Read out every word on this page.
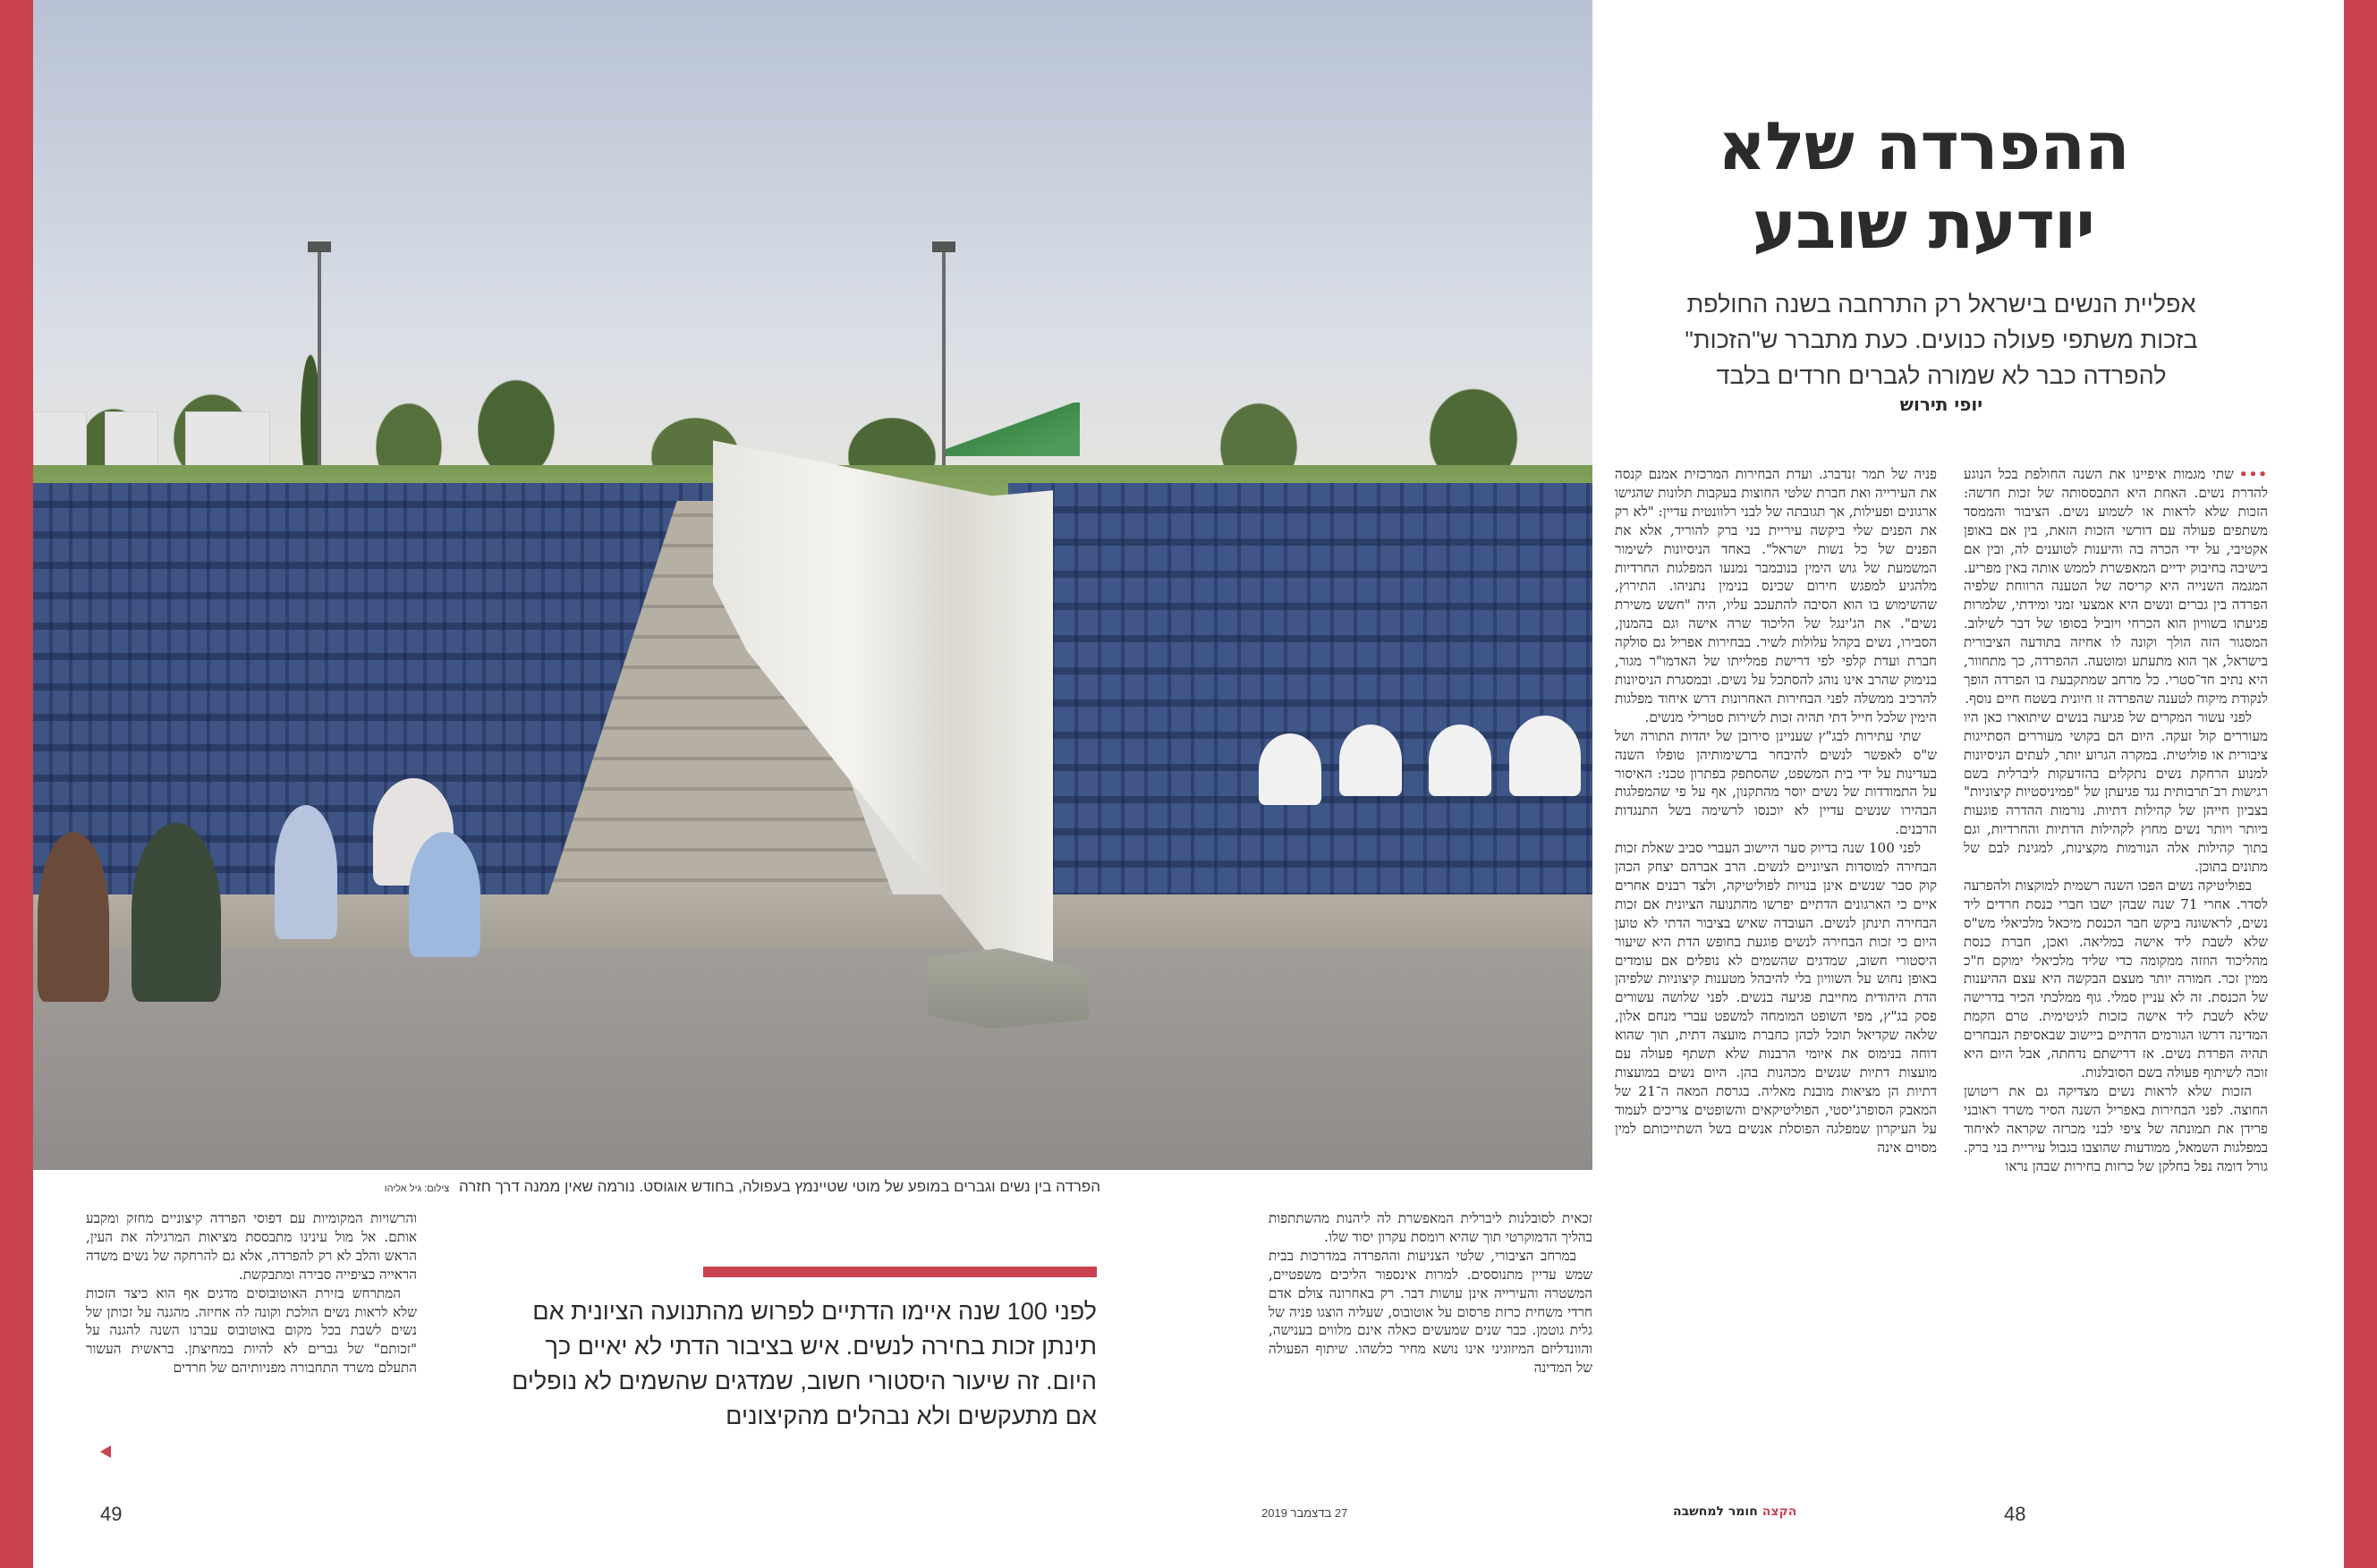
הפרדה בין נשים וגברים במופע של מוטי שטיינמץ בעפולה, בחודש אוגוסט. נורמה שאין ממנה דרך חזרה צילום: גיל אליהו
ההפרדה שלא
יודעת שובע
אפליית הנשים בישראל רק התרחבה בשנה החולפת בזכות משתפי פעולה כנועים. כעת מתברר ש"הזכות" להפרדה כבר לא שמורה לגברים חרדים בלבד
יופי תירוש

•••שתי מגמות איפיינו את השנה החולפת בכל הנוגע להדרת נשים. האחת היא התבססותה של זכות חדשה: הזכות שלא לראות או לשמוע נשים. הציבור והממסד משתפים פעולה עם דורשי הזכות הזאת, בין אם באופן אקטיבי, על ידי הכרה בה והיענות לטוענים לה, ובין אם בישיבה בחיבוק ידיים המאפשרת לממש אותה באין מפריע. המגמה השנייה היא קריסה של הטענה הרווחת שלפיה הפרדה בין גברים ונשים היא אמצעי זמני ומידתי, שלמרות פגיעתו בשוויון הוא הכרחי ויוביל בסופו של דבר לשילוב. המסגור הזה הולך וקונה לו אחיזה בתודעה הציבורית בישראל, אך הוא מתעתע ומוטעה. ההפרדה, כך מתחוור, היא נתיב חד־סטרי. כל מרחב שמתקבעת בו הפרדה הופך לנקודת מיקוח לטענה שהפרדה זו חיונית בשטח חיים נוסף.

לפני עשור המקרים של פגיעה בנשים שיתוארו כאן היו מעוררים קול זעקה. היום הם בקושי מעוררים הסתייגות ציבורית או פוליטית. במקרה הגרוע יותר, לעתים הניסיונות למנוע הרחקת נשים נתקלים בהזדעקות ליברלית בשם רגישות רב־תרבותית נגד פגיעתן של "פמיניסטיות קיצוניות" בצביון חייהן של קהילות דתיות. נורמות ההדרה פוגעות ביותר ויותר נשים מחוץ לקהילות הדתיות והחרדיות, וגם בתוך קהילות אלה הנורמות מקצינות, למגינת לבם של מתונים בתוכן.

בפוליטיקה נשים הפכו השנה רשמית למוקצות ולהפרעה לסדר. אחרי 71 שנה שבהן ישבו חברי כנסת חרדים ליד נשים, לראשונה ביקש חבר הכנסת מיכאל מלכיאלי מש"ס שלא לשבת ליד אישה במליאה. ואכן, חברת כנסת מהליכוד הוזזה ממקומה כדי שליד מלכיאלי ימוקם ח"כ ממין זכר. חמורה יותר מעצם הבקשה היא עצם ההיענות של הכנסת. זה לא עניין סמלי. גוף ממלכתי הכיר בדרישה שלא לשבת ליד אישה כזכות לגיטימית. טרם הקמת המדינה דרשו הגורמים הדתיים ביישוב שבאסיפת הנבחרים תהיה הפרדת נשים. אז דרישתם נדחתה, אבל היום היא זוכה לשיתוף פעולה בשם הסובלנות.

הזכות שלא לראות נשים מצדיקה גם את ריטושן החוצה. לפני הבחירות באפריל השנה הסיר משרד ראובני פרידן את תמונתה של ציפי לבני מכרזה שקראה לאיחוד במפלגות השמאל, ממודעות שהוצבו בגבול עיריית בני ברק. גורל דומה נפל בחלקן של כרזות בחירות שבהן נראו

פניה של תמר זנדברג. ועדת הבחירות המרכזית אמנם קנסה את העירייה ואת חברת שלטי החוצות בעקבות תלונות שהגישו ארגונים ופעילות, אך תגובתה של לבני רלוונטית עדיין: "לא רק את הפנים שלי ביקשה עיריית בני ברק להוריד, אלא את הפנים של כל נשות ישראל". באחד הניסיונות לשימור המשמעת של גוש הימין בנובמבר נמנעו המפלגות החרדיות מלהגיע למפגש חירום שכינס בנימין נתניהו. התירוץ, שהשימוש בו הוא הסיבה להתעכב עליו, היה "חשש משירת נשים". את הג'ינגל של הליכוד שרה אישה וגם בהמנון, הסבירו, נשים בקהל עלולות לשיר. בבחירות אפריל גם סולקה חברת ועדת קלפי לפי דרישת פמלייתו של האדמו"ר מגור, בנימוק שהרב אינו נוהג להסתכל על נשים. ובמסגרת הניסיונות להרכיב ממשלה לפני הבחירות האחרונות דרש איחוד מפלגות הימין שלכל חייל דתי תהיה זכות לשירות סטרילי מנשים.

שתי עתירות לבג"ץ שעניינן סירובן של יהדות התורה ושל ש"ס לאפשר לנשים להיבחר ברשימותיהן טופלו השנה בעדינות על ידי בית המשפט, שהסתפק בפתרון טכני: האיסור על התמודדות של נשים יוסר מהתקנון, אף על פי שהמפלגות הבהירו שנשים עדיין לא יוכנסו לרשימה בשל התנגדות הרבנים.

לפני 100 שנה בדיוק סער היישוב העברי סביב שאלת זכות הבחירה למוסדות הציוניים לנשים. הרב אברהם יצחק הכהן קוק סבר שנשים אינן בנויות לפוליטיקה, ולצד רבנים אחרים איים כי הארגונים הדתיים יפרשו מהתנועה הציונית אם זכות הבחירה תינתן לנשים. העובדה שאיש בציבור הדתי לא טוען היום כי זכות הבחירה לנשים פוגעת בחופש הדת היא שיעור היסטורי חשוב, שמדגים שהשמים לא נופלים אם עומדים באופן נחוש על השוויון בלי להיבהל מטענות קיצוניות שלפיהן הדת היהודית מחייבת פגיעה בנשים. לפני שלושה עשורים פסק בג"ץ, מפי השופט המומחה למשפט עברי מנחם אלון, שלאה שקדיאל תוכל לכהן כחברת מועצה דתית, תוך שהוא דוחה בנימוס את איומי הרבנות שלא תשתף פעולה עם מועצות דתיות שנשים מכהנות בהן. היום נשים במועצות דתיות הן מציאות מובנת מאליה. בגרסת המאה ה־21 של המאבק הסופרג'יסטי, הפוליטיקאים והשופטים צריכים לעמוד על העיקרון שמפלגה הפוסלת אנשים בשל השתייכותם למין מסוים אינה

זכאית לסובלנות ליברלית המאפשרת לה ליהנות מהשתתפות בהליך הדמוקרטי תוך שהיא רומסת עקרון יסוד שלו.

במרחב הציבורי, שלטי הצניעות וההפרדה במדרכות בבית שמש עדיין מתנוססים. למרות אינספור הליכים משפטיים, המשטרה והעירייה אינן עושות דבר. רק באחרונה צולם אדם חרדי משחית כרזת פרסום על אוטובוס, שעליה הוצגו פניה של גלית גוטמן. כבר שנים שמעשים כאלה אינם מלווים בענישה, והוונדליזם המיזוגיני אינו נושא מחיר כלשהו. שיתוף הפעולה של המדינה

והרשויות המקומיות עם דפוסי הפרדה קיצוניים מחזק ומקבע אותם. אל מול עינינו מתבססת מציאות המרגילה את העין, הראש והלב לא רק להפרדה, אלא גם להרחקה של נשים משדה הראייה כציפייה סבירה ומתבקשת.

המתרחש בזירת האוטובוסים מדגים אף הוא כיצד הזכות שלא לראות נשים הולכת וקונה לה אחיזה. מהגנה על זכותן של נשים לשבת בכל מקום באוטובוס עברנו השנה להגנה על "זכותם" של גברים לא להיות במחיצתן. בראשית העשור התעלם משרד התחבורה מפניותיהם של חרדים

לפני 100 שנה איימו הדתיים לפרוש מהתנועה הציונית אם תינתן זכות בחירה לנשים. איש בציבור הדתי לא יאיים כך היום. זה שיעור היסטורי חשוב, שמדגים שהשמים לא נופלים אם מתעקשים ולא נבהלים מהקיצונים
49	27 בדצמבר 2019	הקצה חומר למחשבה	48
